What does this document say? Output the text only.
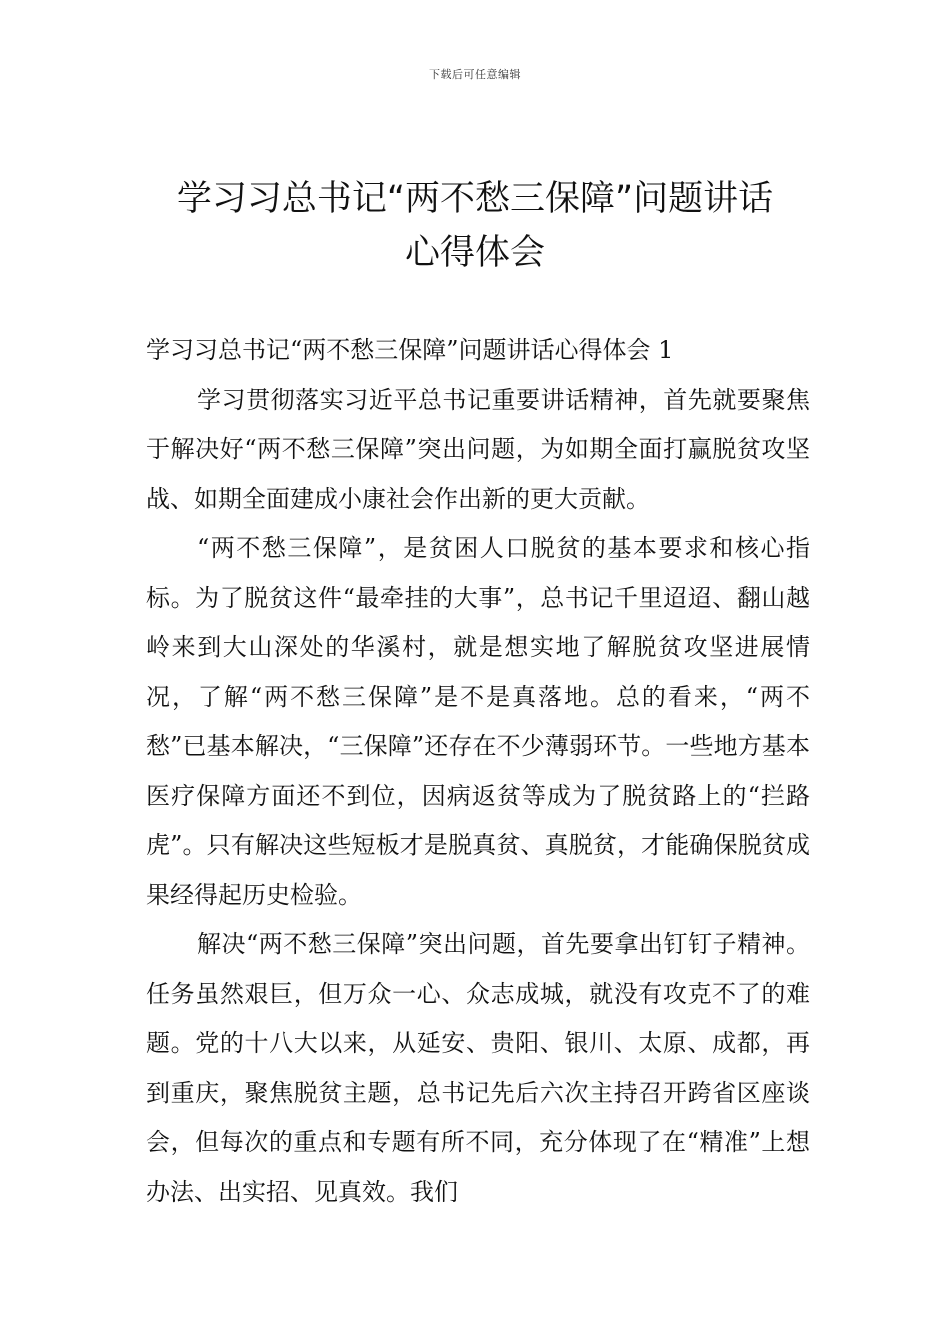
下载后可任意编辑
学习习总书记“两不愁三保障”问题讲话
心得体会

学习习总书记“两不愁三保障”问题讲话心得体会 1

学习贯彻落实习近平总书记重要讲话精神，首先就要聚焦于解决好“两不愁三保障”突出问题，为如期全面打赢脱贫攻坚战、如期全面建成小康社会作出新的更大贡献。

“两不愁三保障”，是贫困人口脱贫的基本要求和核心指标。为了脱贫这件“最牵挂的大事”，总书记千里迢迢、翻山越岭来到大山深处的华溪村，就是想实地了解脱贫攻坚进展情况，了解“两不愁三保障”是不是真落地。总的看来，“两不愁”已基本解决，“三保障”还存在不少薄弱环节。一些地方基本医疗保障方面还不到位，因病返贫等成为了脱贫路上的“拦路虎”。只有解决这些短板才是脱真贫、真脱贫，才能确保脱贫成果经得起历史检验。

解决“两不愁三保障”突出问题，首先要拿出钉钉子精神。任务虽然艰巨，但万众一心、众志成城，就没有攻克不了的难题。党的十八大以来，从延安、贵阳、银川、太原、成都，再到重庆，聚焦脱贫主题，总书记先后六次主持召开跨省区座谈会，但每次的重点和专题有所不同，充分体现了在“精准”上想办法、出实招、见真效。我们
